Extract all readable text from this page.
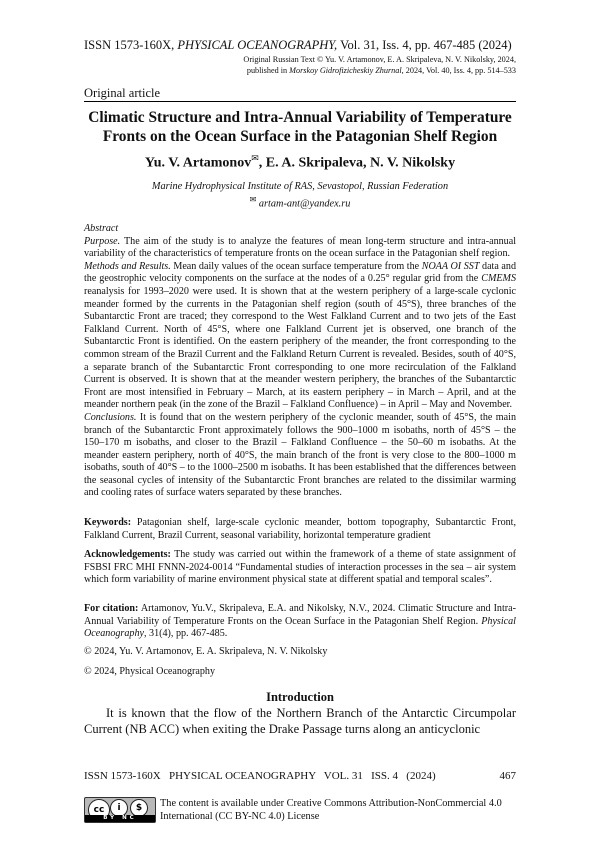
ISSN 1573-160X, PHYSICAL OCEANOGRAPHY, Vol. 31, Iss. 4, pp. 467-485 (2024)
Original Russian Text © Yu. V. Artamonov, E. A. Skripaleva, N. V. Nikolsky, 2024,
published in Morskoy Gidrofizicheskiy Zhurnal, 2024, Vol. 40, Iss. 4, pp. 514–533
Original article
Climatic Structure and Intra-Annual Variability of Temperature Fronts on the Ocean Surface in the Patagonian Shelf Region
Yu. V. Artamonov✉, E. A. Skripaleva, N. V. Nikolsky
Marine Hydrophysical Institute of RAS, Sevastopol, Russian Federation
✉ artam-ant@yandex.ru

Abstract

Purpose. The aim of the study is to analyze the features of mean long-term structure and intra-annual variability of the characteristics of temperature fronts on the ocean surface in the Patagonian shelf region.

Methods and Results. Mean daily values of the ocean surface temperature from the NOAA OI SST data and the geostrophic velocity components on the surface at the nodes of a 0.25° regular grid from the CMEMS reanalysis for 1993–2020 were used. It is shown that at the western periphery of a large-scale cyclonic meander formed by the currents in the Patagonian shelf region (south of 45°S), three branches of the Subantarctic Front are traced; they correspond to the West Falkland Current and to two jets of the East Falkland Current. North of 45°S, where one Falkland Current jet is observed, one branch of the Subantarctic Front is identified. On the eastern periphery of the meander, the front corresponding to the common stream of the Brazil Current and the Falkland Return Current is revealed. Besides, south of 40°S, a separate branch of the Subantarctic Front corresponding to one more recirculation of the Falkland Current is observed. It is shown that at the meander western periphery, the branches of the Subantarctic Front are most intensified in February – March, at its eastern periphery – in March – April, and at the meander northern peak (in the zone of the Brazil – Falkland Confluence) – in April – May and November.

Conclusions. It is found that on the western periphery of the cyclonic meander, south of 45°S, the main branch of the Subantarctic Front approximately follows the 900–1000 m isobaths, north of 45°S – the 150–170 m isobaths, and closer to the Brazil – Falkland Confluence – the 50–60 m isobaths. At the meander eastern periphery, north of 40°S, the main branch of the front is very close to the 800–1000 m isobaths, south of 40°S – to the 1000–2500 m isobaths. It has been established that the differences between the seasonal cycles of intensity of the Subantarctic Front branches are related to the dissimilar warming and cooling rates of surface waters separated by these branches.

Keywords: Patagonian shelf, large-scale cyclonic meander, bottom topography, Subantarctic Front, Falkland Current, Brazil Current, seasonal variability, horizontal temperature gradient

Acknowledgements: The study was carried out within the framework of a theme of state assignment of FSBSI FRC MHI FNNN-2024-0014 “Fundamental studies of interaction processes in the sea – air system which form variability of marine environment physical state at different spatial and temporal scales”.

For citation: Artamonov, Yu.V., Skripaleva, E.A. and Nikolsky, N.V., 2024. Climatic Structure and Intra-Annual Variability of Temperature Fronts on the Ocean Surface in the Patagonian Shelf Region. Physical Oceanography, 31(4), pp. 467-485.

© 2024, Yu. V. Artamonov, E. A. Skripaleva, N. V. Nikolsky
© 2024, Physical Oceanography
Introduction
It is known that the flow of the Northern Branch of the Antarctic Circumpolar Current (NB ACC) when exiting the Drake Passage turns along an anticyclonic
ISSN 1573-160X   PHYSICAL OCEANOGRAPHY   VOL. 31   ISS. 4   (2024)	467
cc	i	$
BY NC
The content is available under Creative Commons Attribution-NonCommercial 4.0 International (CC BY-NC 4.0) License
